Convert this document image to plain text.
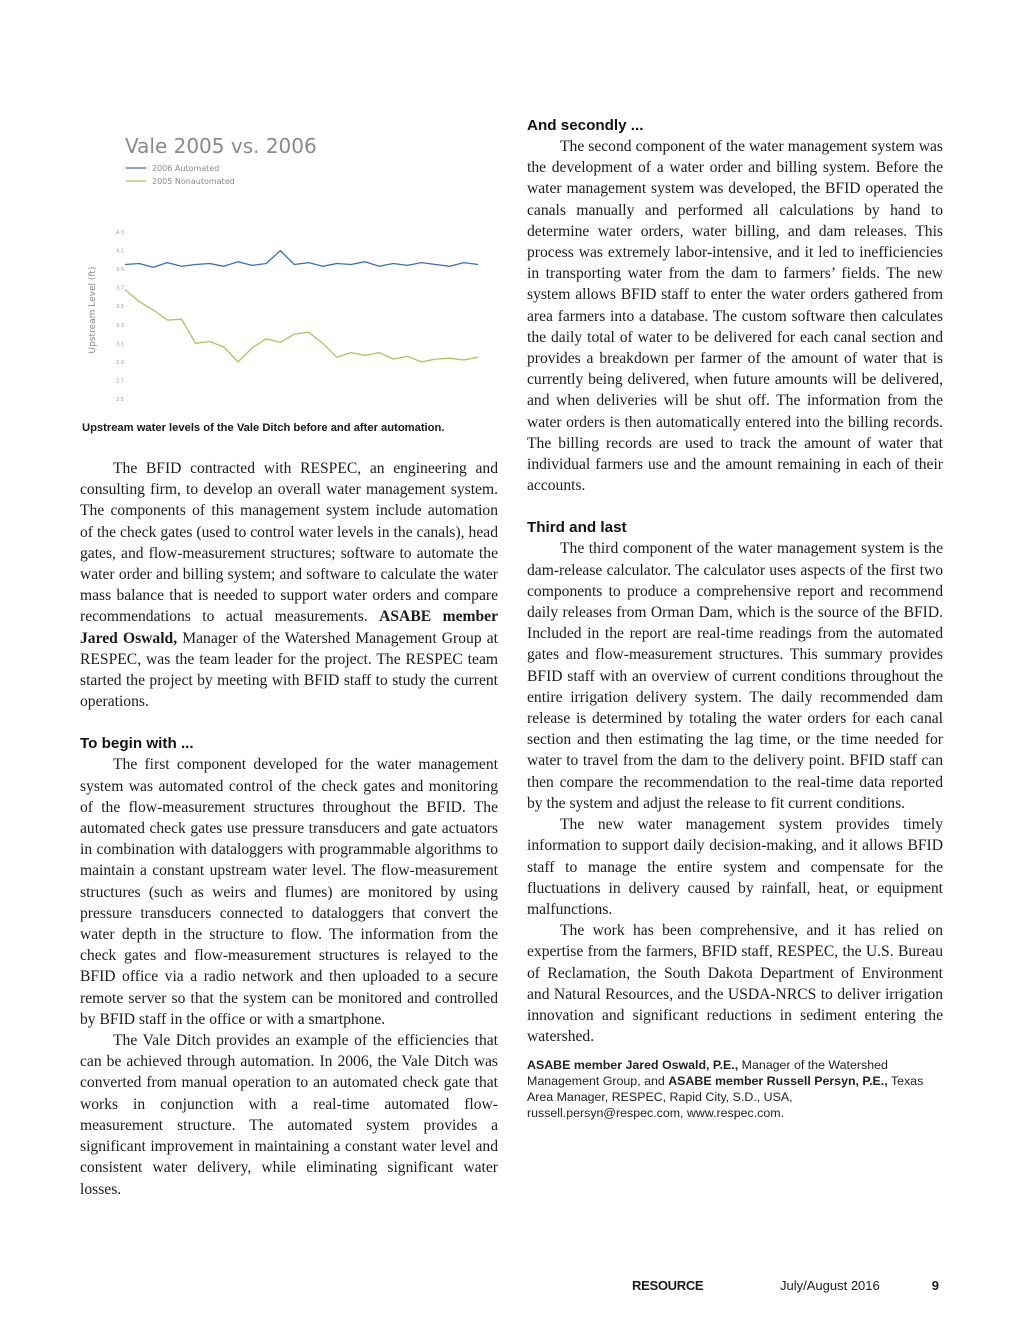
Vale 2005 vs. 2006
2006 Automated
2005 Nonautomated
Upstream Level (ft)
4.3
4.1
3.9
3.7
3.5
3.3
3.1
2.9
2.7
2.5
Upstream water levels of the Vale Ditch before and after automation.

The BFID contracted with RESPEC, an engineering and consulting firm, to develop an overall water management system. The components of this management system include automation of the check gates (used to control water levels in the canals), head gates, and flow-measurement structures; software to automate the water order and billing system; and software to calculate the water mass balance that is needed to support water orders and compare recommendations to actual measurements. ASABE member Jared Oswald, Manager of the Watershed Management Group at RESPEC, was the team leader for the project. The RESPEC team started the project by meeting with BFID staff to study the current operations.

To begin with ...

The first component developed for the water management system was automated control of the check gates and monitoring of the flow-measurement structures throughout the BFID. The automated check gates use pressure transducers and gate actuators in combination with dataloggers with programmable algorithms to maintain a constant upstream water level. The flow-measurement structures (such as weirs and flumes) are monitored by using pressure transducers connected to dataloggers that convert the water depth in the structure to flow. The information from the check gates and flow-measurement structures is relayed to the BFID office via a radio network and then uploaded to a secure remote server so that the system can be monitored and controlled by BFID staff in the office or with a smartphone.

The Vale Ditch provides an example of the efficiencies that can be achieved through automation. In 2006, the Vale Ditch was converted from manual operation to an automated check gate that works in conjunction with a real-time automated flow-measurement structure. The automated system provides a significant improvement in maintaining a constant water level and consistent water delivery, while eliminating significant water losses.

And secondly ...

The second component of the water management system was the development of a water order and billing system. Before the water management system was developed, the BFID operated the canals manually and performed all calculations by hand to determine water orders, water billing, and dam releases. This process was extremely labor-intensive, and it led to inefficiencies in transporting water from the dam to farmers’ fields. The new system allows BFID staff to enter the water orders gathered from area farmers into a database. The custom software then calculates the daily total of water to be delivered for each canal section and provides a breakdown per farmer of the amount of water that is currently being delivered, when future amounts will be delivered, and when deliveries will be shut off. The information from the water orders is then automatically entered into the billing records. The billing records are used to track the amount of water that individual farmers use and the amount remaining in each of their accounts.

Third and last

The third component of the water management system is the dam-release calculator. The calculator uses aspects of the first two components to produce a comprehensive report and recommend daily releases from Orman Dam, which is the source of the BFID. Included in the report are real-time readings from the automated gates and flow-measurement structures. This summary provides BFID staff with an overview of current conditions throughout the entire irrigation delivery system. The daily recommended dam release is determined by totaling the water orders for each canal section and then estimating the lag time, or the time needed for water to travel from the dam to the delivery point. BFID staff can then compare the recommendation to the real-time data reported by the system and adjust the release to fit current conditions.

The new water management system provides timely information to support daily decision-making, and it allows BFID staff to manage the entire system and compensate for the fluctuations in delivery caused by rainfall, heat, or equipment malfunctions.

The work has been comprehensive, and it has relied on expertise from the farmers, BFID staff, RESPEC, the U.S. Bureau of Reclamation, the South Dakota Department of Environment and Natural Resources, and the USDA-NRCS to deliver irrigation innovation and significant reductions in sediment entering the watershed.

ASABE member Jared Oswald, P.E., Manager of the Watershed Management Group, and ASABE member Russell Persyn, P.E., Texas Area Manager, RESPEC, Rapid City, S.D., USA, russell.persyn@respec.com, www.respec.com.
RESOURCE	July/August 2016	9
